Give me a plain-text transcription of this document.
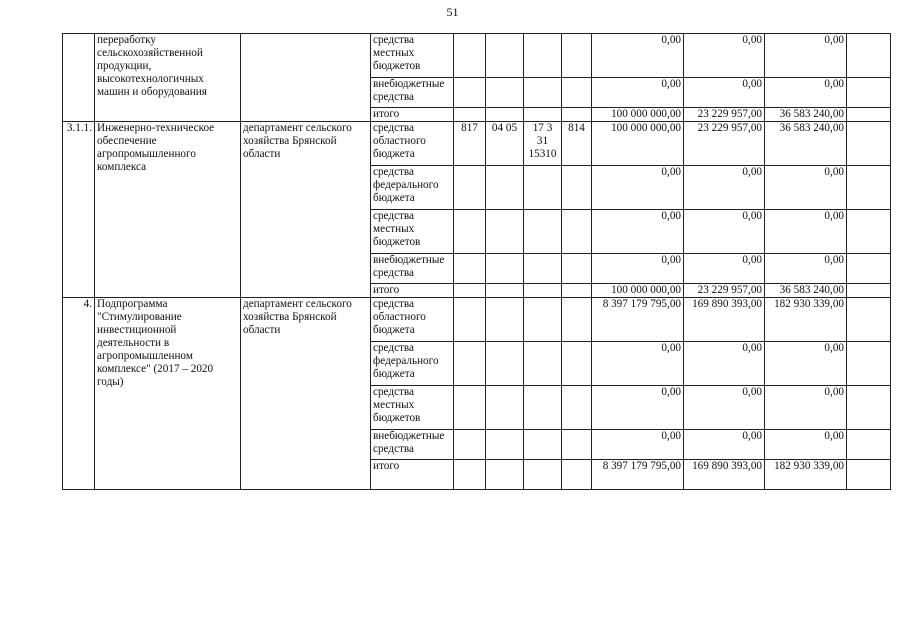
51
	переработку сельскохозяйственной продукции, высокотехнологичных машин и оборудования		средства местных бюджетов					0,00	0,00	0,00	
			внебюджетные средства					0,00	0,00	0,00	
			итого					100 000 000,00	23 229 957,00	36 583 240,00	
3.1.1.	Инженерно-техническое обеспечение агропромышленного комплекса	департамент сельского хозяйства Брянской области	средства областного бюджета	817	04 05	17 3 31 15310	814	100 000 000,00	23 229 957,00	36 583 240,00	
			средства федерального бюджета					0,00	0,00	0,00	
			средства местных бюджетов					0,00	0,00	0,00	
			внебюджетные средства					0,00	0,00	0,00	
			итого					100 000 000,00	23 229 957,00	36 583 240,00	
4.	Подпрограмма "Стимулирование инвестиционной деятельности в агропромышленном комплексе" (2017 – 2020 годы)	департамент сельского хозяйства Брянской области	средства областного бюджета					8 397 179 795,00	169 890 393,00	182 930 339,00	
			средства федерального бюджета					0,00	0,00	0,00	
			средства местных бюджетов					0,00	0,00	0,00	
			внебюджетные средства					0,00	0,00	0,00	
			итого					8 397 179 795,00	169 890 393,00	182 930 339,00	
